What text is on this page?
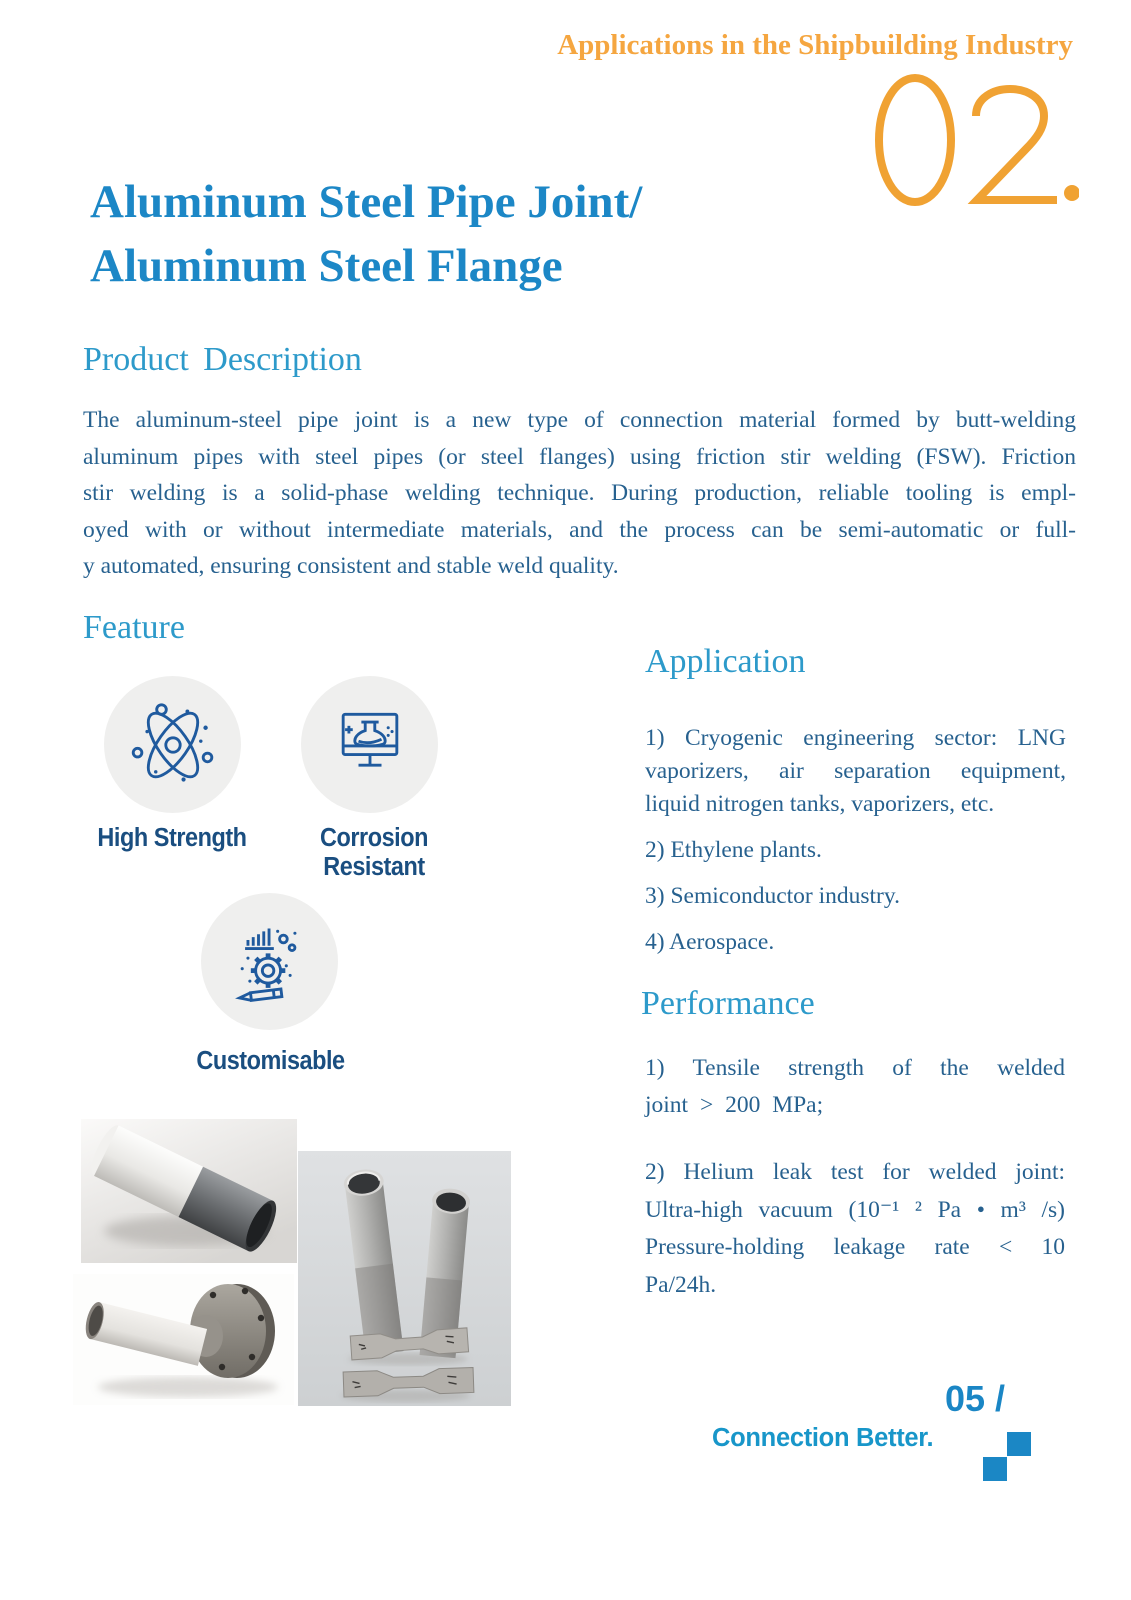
Applications in the Shipbuilding Industry
Aluminum Steel Pipe Joint/
Aluminum Steel Flange
Product Description
The aluminum-steel pipe joint is a new type of connection material formed by butt-welding
aluminum pipes with steel pipes (or steel flanges) using friction stir welding (FSW). Friction
stir welding is a solid-phase welding technique. During production, reliable tooling is empl-
oyed with or without intermediate materials, and the process can be semi-automatic or full-
y automated, ensuring consistent and stable weld quality.
Feature
High Strength	Corrosion Resistant
Customisable
Application
1) Cryogenic engineering sector: LNG
vaporizers, air separation equipment,
liquid nitrogen tanks, vaporizers, etc.
2) Ethylene plants.
3) Semiconductor industry.
4) Aerospace.
Performance
1) Tensile strength of the welded
joint > 200 MPa;
2) Helium leak test for welded joint:
Ultra-high vacuum (10⁻¹ ² Pa • m³ /s)
Pressure-holding leakage rate < 10
Pa/24h.
05 /
Connection Better.
